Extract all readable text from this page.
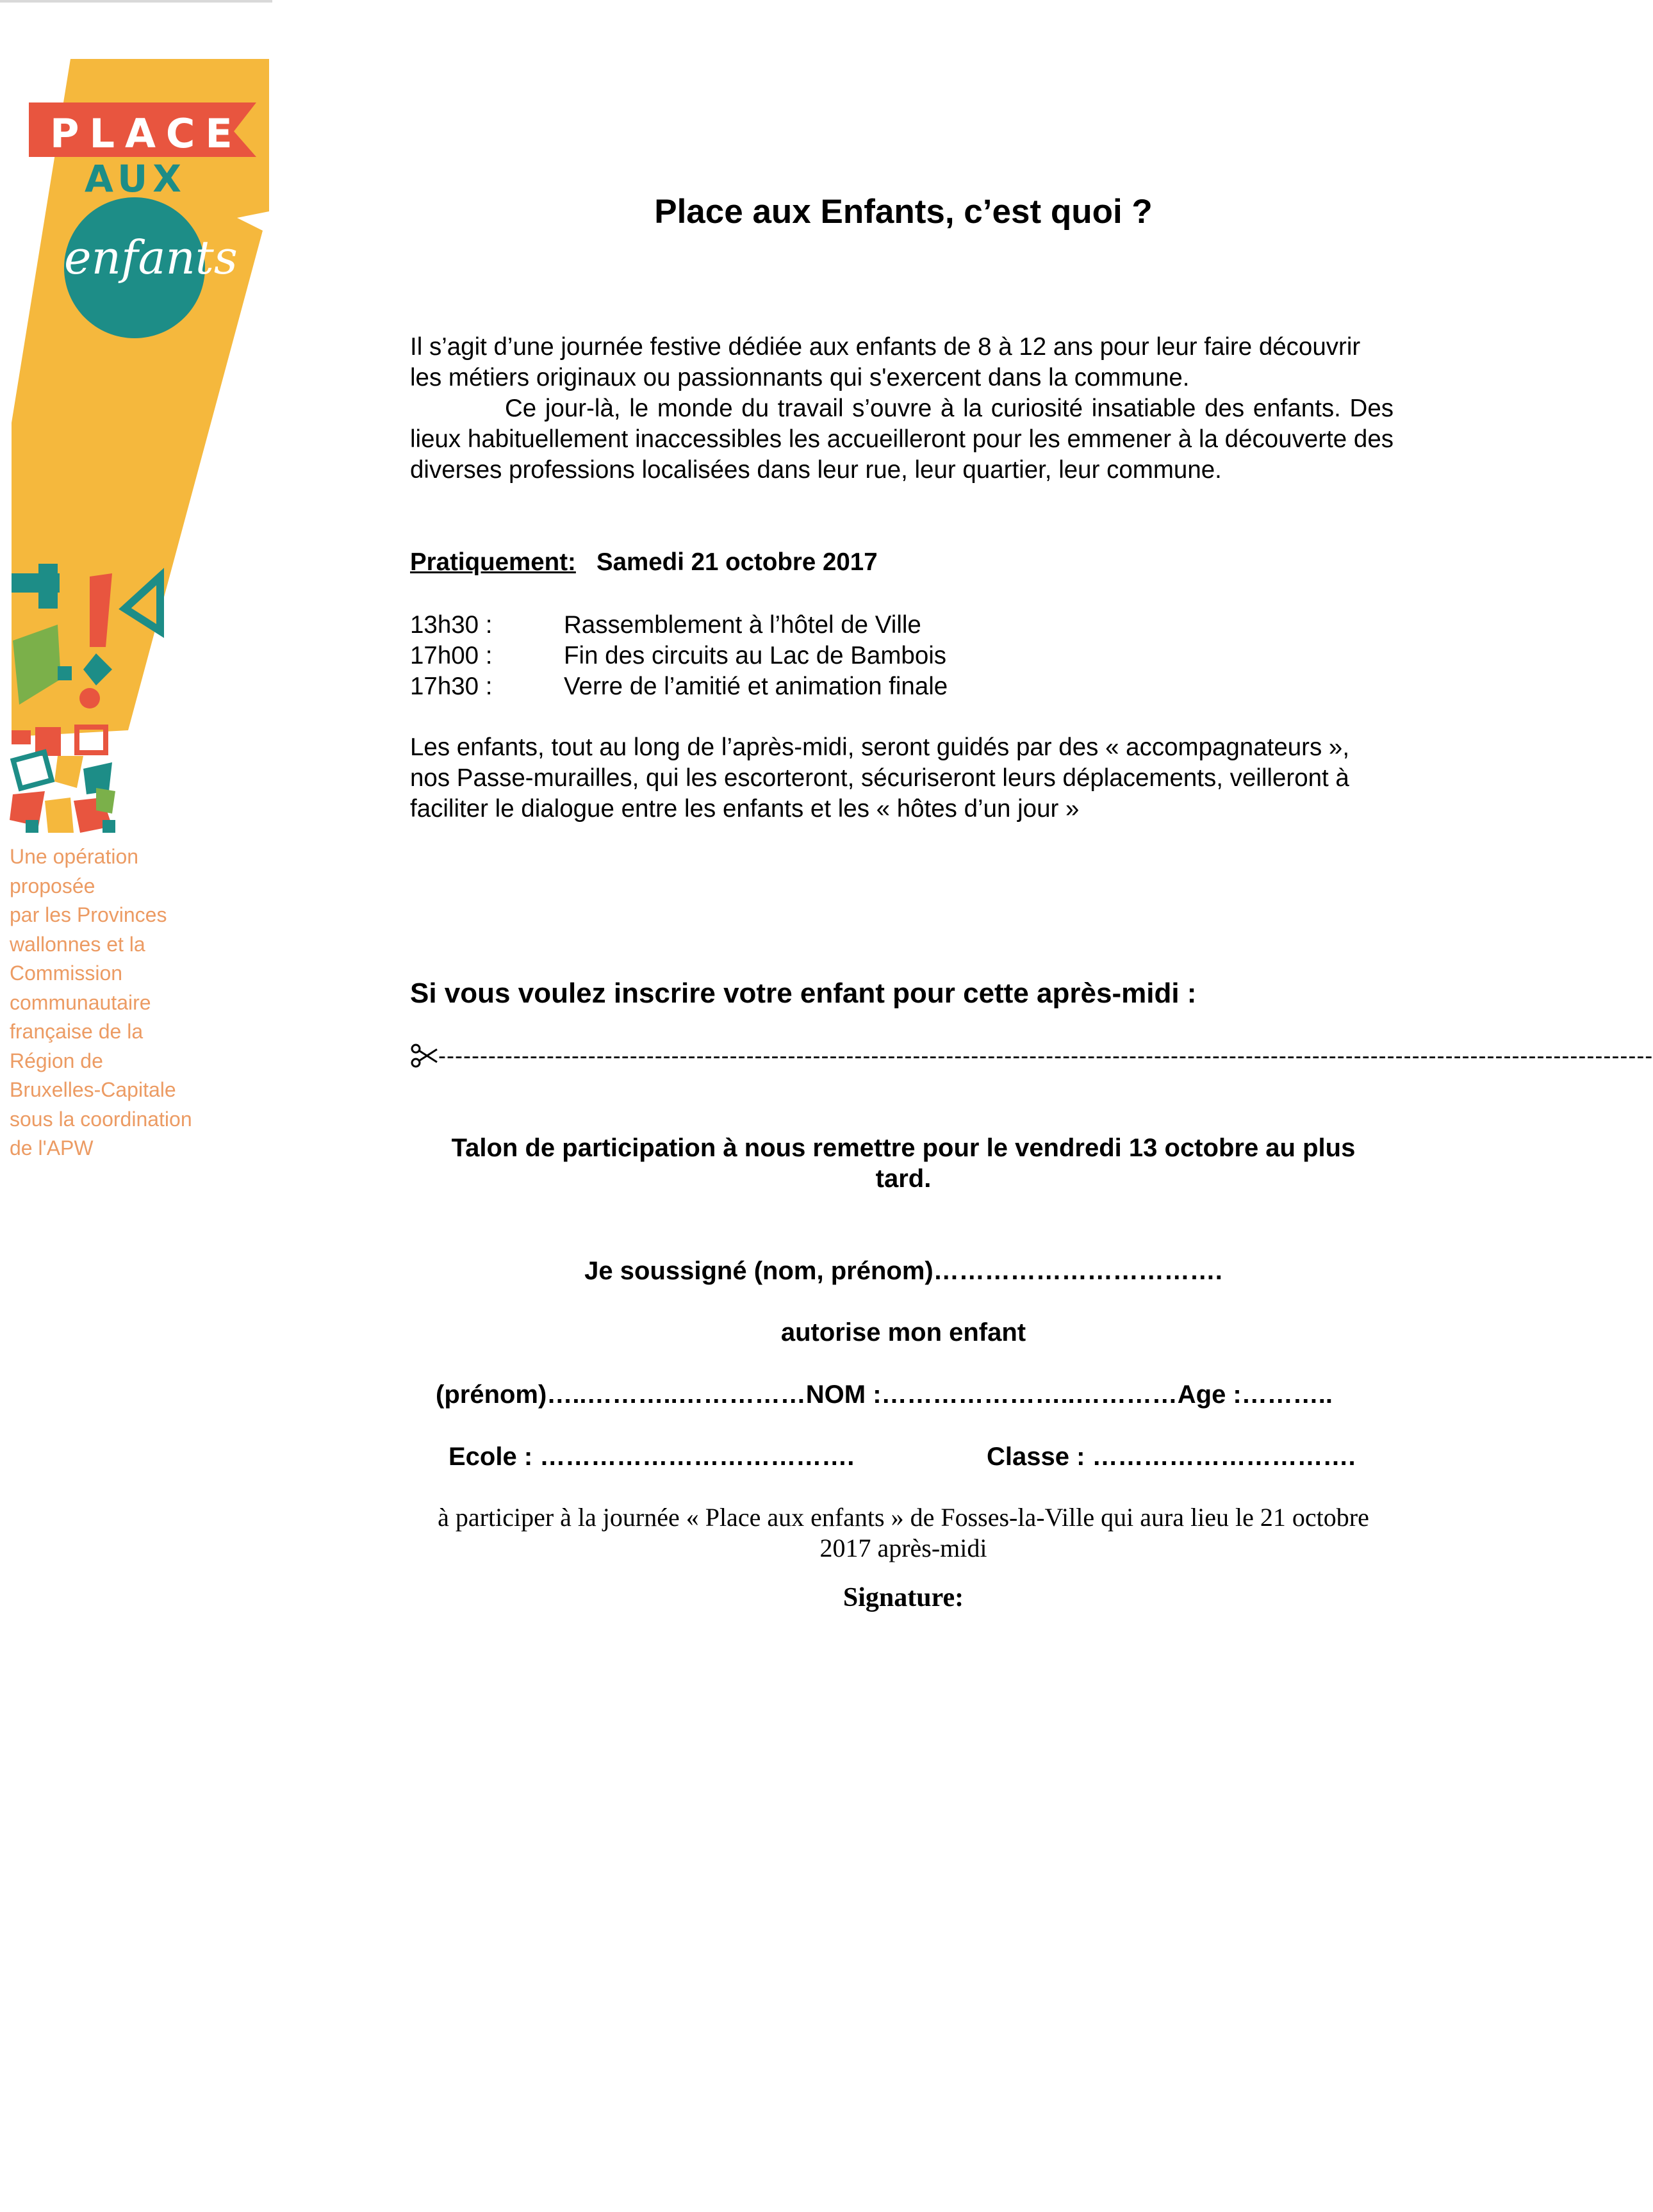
PLACE
AUX
enfants
Une opération
proposée
par les Provinces
wallonnes et la
Commission
communautaire
française de la
Région de
Bruxelles-Capitale
sous la coordination
de l'APW
Place aux Enfants, c’est quoi ?

Il s’agit d’une journée festive dédiée aux enfants de 8 à 12 ans pour leur faire découvrir les métiers originaux ou passionnants qui s'exercent dans la commune.

Ce jour-là, le monde du travail s’ouvre à la curiosité insatiable des enfants. Des lieux habituellement inaccessibles les accueilleront pour les emmener à la découverte des diverses professions localisées dans leur rue, leur quartier, leur commune.

Pratiquement: Samedi 21 octobre 2017
13h30 :	Rassemblement à l’hôtel de Ville
17h00 :	Fin des circuits au Lac de Bambois
17h30 :	Verre de l’amitié et animation finale
Les enfants, tout au long de l’après-midi, seront guidés par des « accompagnateurs », nos Passe-murailles, qui les escorteront, sécuriseront leurs déplacements, veilleront à faciliter le dialogue entre les enfants et les « hôtes d’un jour »
Si vous voulez inscrire votre enfant pour cette après-midi :
--------------------------------------------------------------------------------------------------------------------------------------------------
Talon de participation à nous remettre pour le vendredi 13 octobre au plus tard.
Je soussigné (nom, prénom)…………………………….
autorise mon enfant
(prénom)…..………..……………NOM :…………………..…………Age :………..
Ecole : ……………………………….	Classe : ………………………….
à participer à la journée « Place aux enfants » de Fosses-la-Ville qui aura lieu le 21 octobre 2017 après-midi
Signature:
